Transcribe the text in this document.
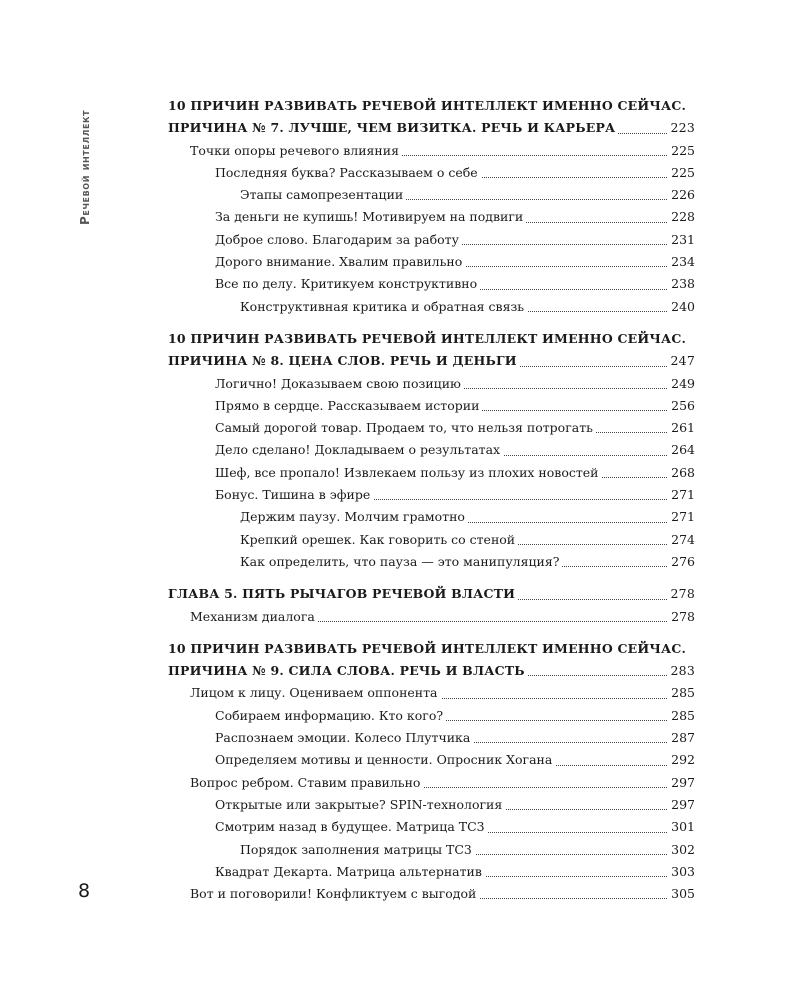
Речевой интеллект
10 ПРИЧИН РАЗВИВАТЬ РЕЧЕВОЙ ИНТЕЛЛЕКТ ИМЕННО СЕЙЧАС.
ПРИЧИНА № 7. ЛУЧШЕ, ЧЕМ ВИЗИТКА. РЕЧЬ И КАРЬЕРА	223
Точки опоры речевого влияния	225
Последняя буква? Рассказываем о себе	225
Этапы самопрезентации	226
За деньги не купишь! Мотивируем на подвиги	228
Доброе слово. Благодарим за работу	231
Дорого внимание. Хвалим правильно	234
Все по делу. Критикуем конструктивно	238
Конструктивная критика и обратная связь	240
10 ПРИЧИН РАЗВИВАТЬ РЕЧЕВОЙ ИНТЕЛЛЕКТ ИМЕННО СЕЙЧАС.
ПРИЧИНА № 8. ЦЕНА СЛОВ. РЕЧЬ И ДЕНЬГИ	247
Логично! Доказываем свою позицию	249
Прямо в сердце. Рассказываем истории	256
Самый дорогой товар. Продаем то, что нельзя потрогать	261
Дело сделано! Докладываем о результатах	264
Шеф, все пропало! Извлекаем пользу из плохих новостей	268
Бонус. Тишина в эфире	271
Держим паузу. Молчим грамотно	271
Крепкий орешек. Как говорить со стеной	274
Как определить, что пауза — это манипуляция?	276
ГЛАВА 5. ПЯТЬ РЫЧАГОВ РЕЧЕВОЙ ВЛАСТИ	278
Механизм диалога	278
10 ПРИЧИН РАЗВИВАТЬ РЕЧЕВОЙ ИНТЕЛЛЕКТ ИМЕННО СЕЙЧАС.
ПРИЧИНА № 9. СИЛА СЛОВА. РЕЧЬ И ВЛАСТЬ	283
Лицом к лицу. Оцениваем оппонента	285
Собираем информацию. Кто кого?	285
Распознаем эмоции. Колесо Плутчика	287
Определяем мотивы и ценности. Опросник Хогана	292
Вопрос ребром. Ставим правильно	297
Открытые или закрытые? SPIN-технология	297
Смотрим назад в будущее. Матрица ТС3	301
Порядок заполнения матрицы ТС3	302
Квадрат Декарта. Матрица альтернатив	303
Вот и поговорили! Конфликтуем с выгодой	305
8
